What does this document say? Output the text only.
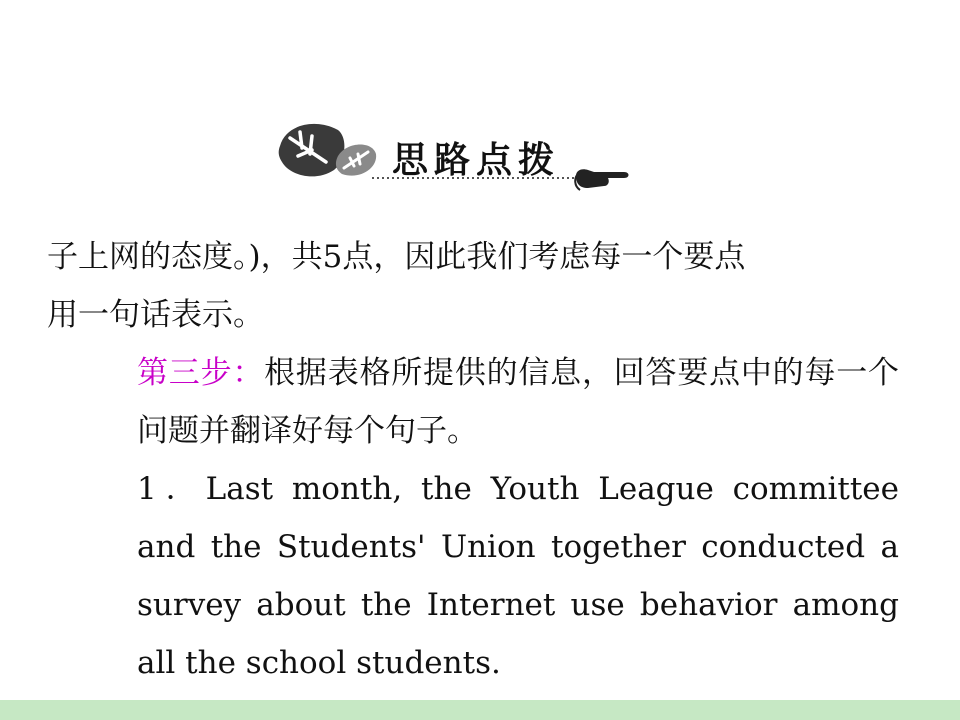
思路点拨

子上网的态度。)，共5点，因此我们考虑每一个要点

用一句话表示。

第三步：根据表格所提供的信息，回答要点中的每一个问题并翻译好每个句子。

1．Last month, the Youth League committee and the Students' Union together conducted a survey about the Internet use behavior among all the school students.
